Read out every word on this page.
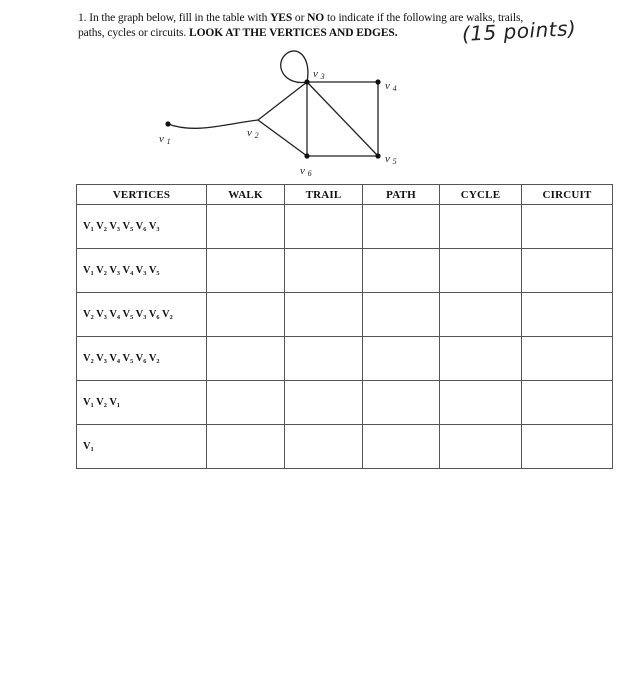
1. In the graph below, fill in the table with YES or NO to indicate if the following are walks, trails, paths, cycles or circuits. LOOK AT THE VERTICES AND EDGES.	(15 points)
v 1
v 2
v 3
v 4
v 5
v 6
VERTICES	WALK	TRAIL	PATH	CYCLE	CIRCUIT
V₁ V₂ V₃ V₅ V₆ V₃					
V₁ V₂ V₃ V₄ V₃ V₅					
V₂ V₃ V₄ V₅ V₃ V₆ V₂					
V₂ V₃ V₄ V₅ V₆ V₂					
V₁ V₂ V₁					
V₁					
